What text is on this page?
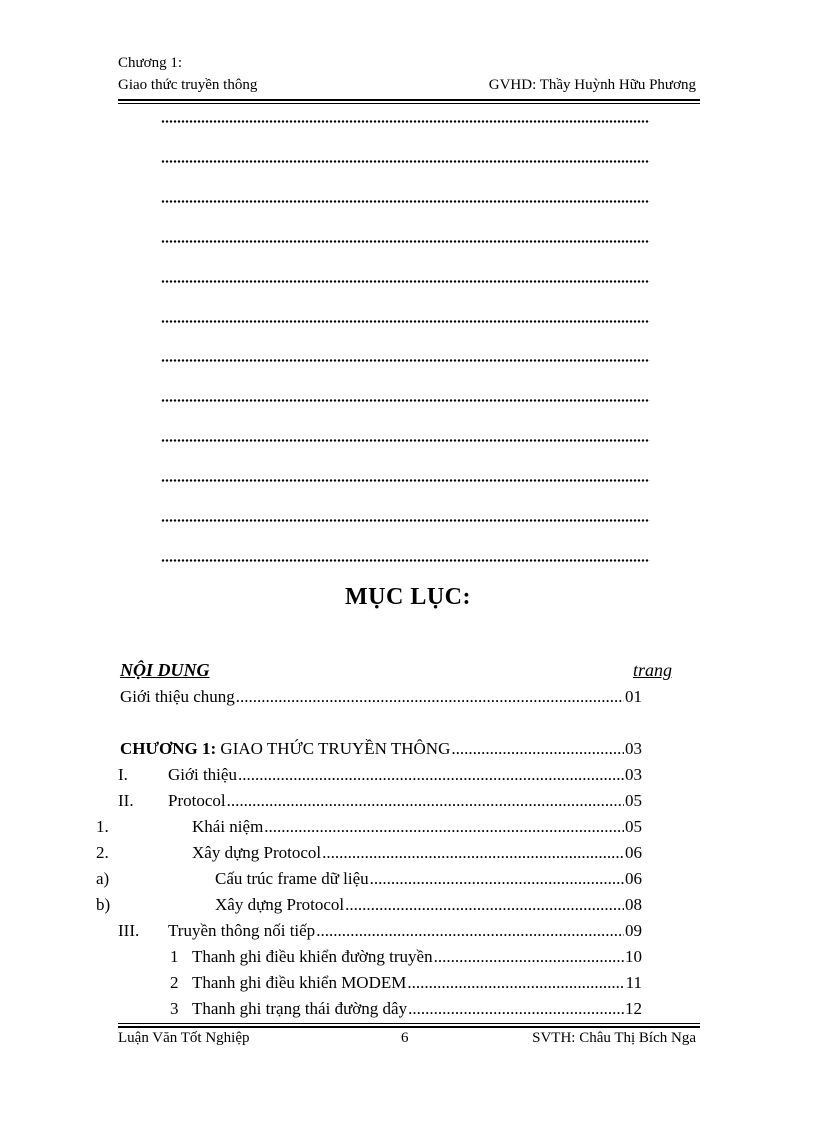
Chương 1:
Giao thức truyền thông	GVHD: Thầy Huỳnh Hữu Phương
MỤC LỤC:
NỘI DUNG	trang
Giới thiệu chung .....	01
CHƯƠNG 1: GIAO THỨC TRUYỀN THÔNG .....	03
I. Giới thiệu .....	03
II. Protocol .....	05
1.	Khái niệm .....	05
2.	Xây dựng Protocol .....	06
a)	Cấu trúc frame dữ liệu .....	06
b)	Xây dựng Protocol .....	08
III. Truyền thông nối tiếp .....	09
1 Thanh ghi điều khiển đường truyền .....	10
2 Thanh ghi điều khiển MODEM .....	11
3 Thanh ghi trạng thái đường dây .....	12
Luận Văn Tốt Nghiệp	6	SVTH: Châu Thị Bích Nga
